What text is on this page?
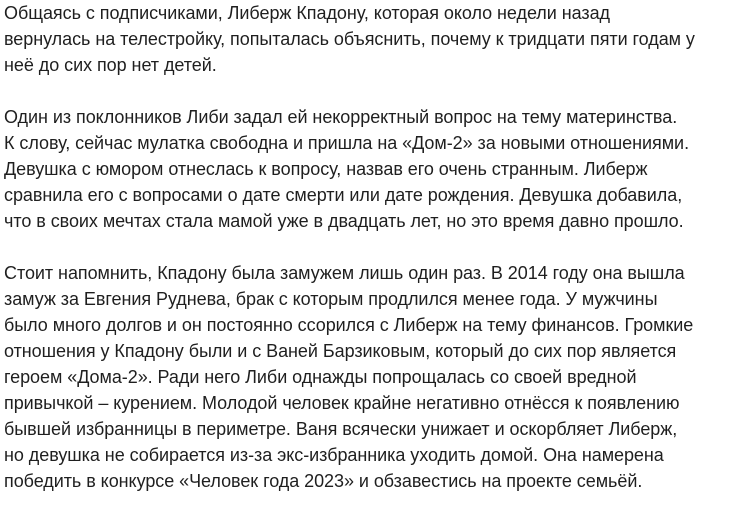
Общаясь с подписчиками, Либерж Кпадону, которая около недели назад
вернулась на телестройку, попыталась объяснить, почему к тридцати пяти годам у
неё до сих пор нет детей.

Один из поклонников Либи задал ей некорректный вопрос на тему материнства.
К слову, сейчас мулатка свободна и пришла на «Дом-2» за новыми отношениями.
Девушка с юмором отнеслась к вопросу, назвав его очень странным. Либерж
сравнила его с вопросами о дате смерти или дате рождения. Девушка добавила,
что в своих мечтах стала мамой уже в двадцать лет, но это время давно прошло.

Стоит напомнить, Кпадону была замужем лишь один раз. В 2014 году она вышла
замуж за Евгения Руднева, брак с которым продлился менее года. У мужчины
было много долгов и он постоянно ссорился с Либерж на тему финансов. Громкие
отношения у Кпадону были и с Ваней Барзиковым, который до сих пор является
героем «Дома-2». Ради него Либи однажды попрощалась со своей вредной
привычкой – курением. Молодой человек крайне негативно отнёсся к появлению
бывшей избранницы в периметре. Ваня всячески унижает и оскорбляет Либерж,
но девушка не собирается из-за экс-избранника уходить домой. Она намерена
победить в конкурсе «Человек года 2023» и обзавестись на проекте семьёй.
